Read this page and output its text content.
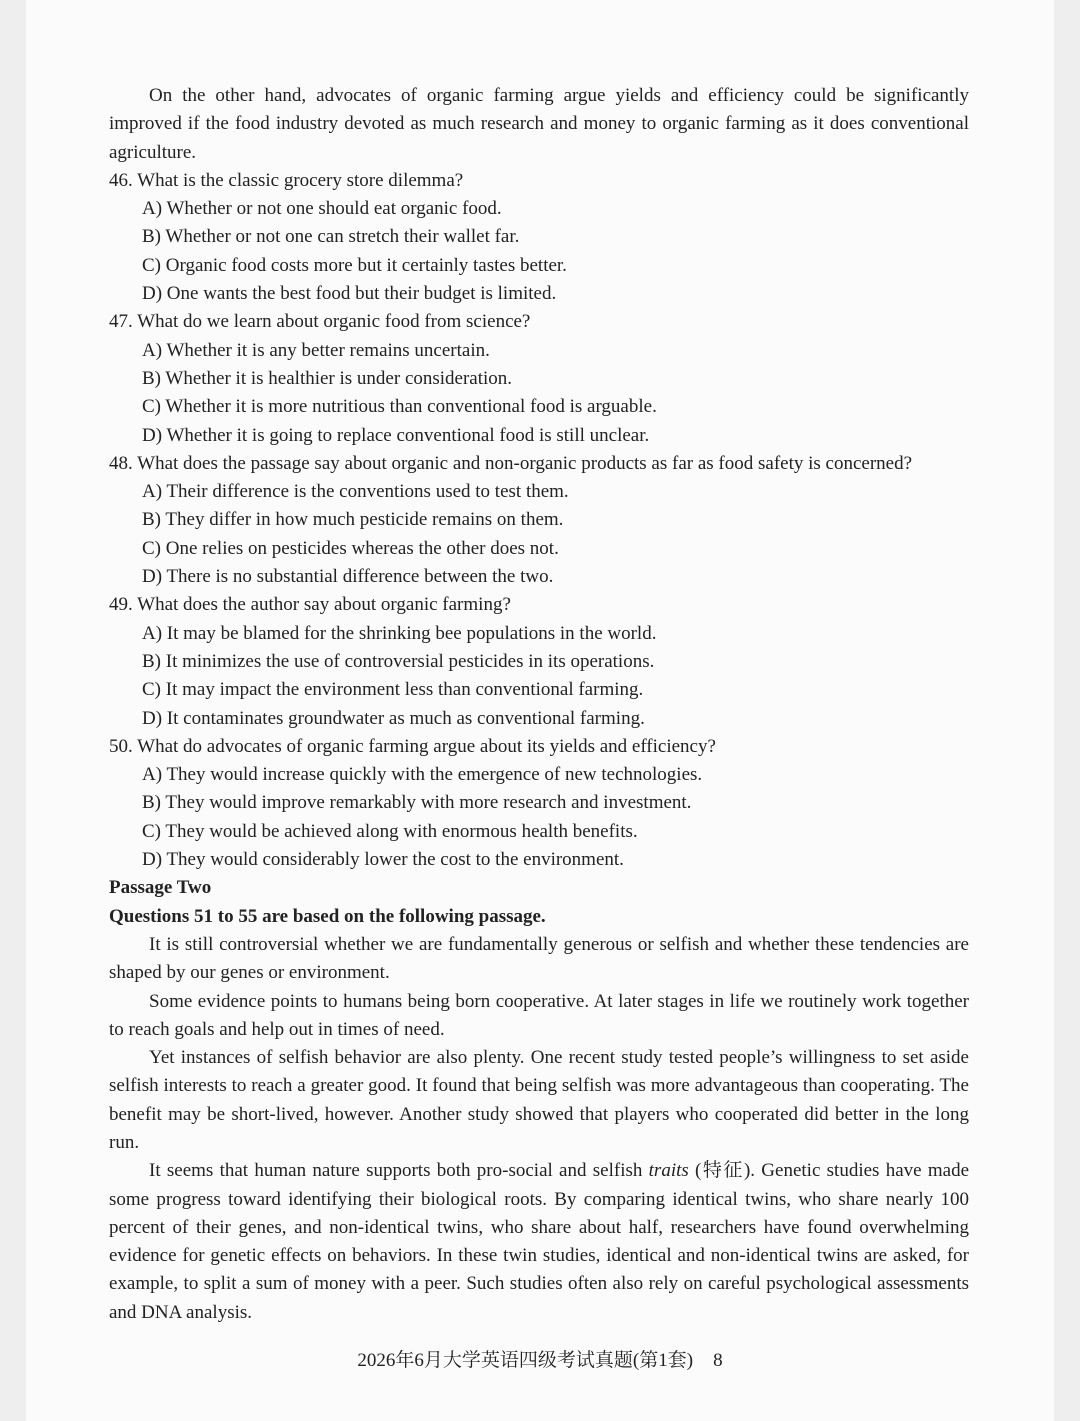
On the other hand, advocates of organic farming argue yields and efficiency could be significantly improved if the food industry devoted as much research and money to organic farming as it does conventional agriculture.

46. What is the classic grocery store dilemma?

A) Whether or not one should eat organic food.

B) Whether or not one can stretch their wallet far.

C) Organic food costs more but it certainly tastes better.

D) One wants the best food but their budget is limited.

47. What do we learn about organic food from science?

A) Whether it is any better remains uncertain.

B) Whether it is healthier is under consideration.

C) Whether it is more nutritious than conventional food is arguable.

D) Whether it is going to replace conventional food is still unclear.

48. What does the passage say about organic and non-organic products as far as food safety is concerned?

A) Their difference is the conventions used to test them.

B) They differ in how much pesticide remains on them.

C) One relies on pesticides whereas the other does not.

D) There is no substantial difference between the two.

49. What does the author say about organic farming?

A) It may be blamed for the shrinking bee populations in the world.

B) It minimizes the use of controversial pesticides in its operations.

C) It may impact the environment less than conventional farming.

D) It contaminates groundwater as much as conventional farming.

50. What do advocates of organic farming argue about its yields and efficiency?

A) They would increase quickly with the emergence of new technologies.

B) They would improve remarkably with more research and investment.

C) They would be achieved along with enormous health benefits.

D) They would considerably lower the cost to the environment.

Passage Two

Questions 51 to 55 are based on the following passage.

It is still controversial whether we are fundamentally generous or selfish and whether these tendencies are shaped by our genes or environment.

Some evidence points to humans being born cooperative. At later stages in life we routinely work together to reach goals and help out in times of need.

Yet instances of selfish behavior are also plenty. One recent study tested people’s willingness to set aside selfish interests to reach a greater good. It found that being selfish was more advantageous than cooperating. The benefit may be short-lived, however. Another study showed that players who cooperated did better in the long run.

It seems that human nature supports both pro-social and selfish traits (特征). Genetic studies have made some progress toward identifying their biological roots. By comparing identical twins, who share nearly 100 percent of their genes, and non-identical twins, who share about half, researchers have found overwhelming evidence for genetic effects on behaviors. In these twin studies, identical and non-identical twins are asked, for example, to split a sum of money with a peer. Such studies often also rely on careful psychological assessments and DNA analysis.

2026年6月大学英语四级考试真题(第1套) 8
